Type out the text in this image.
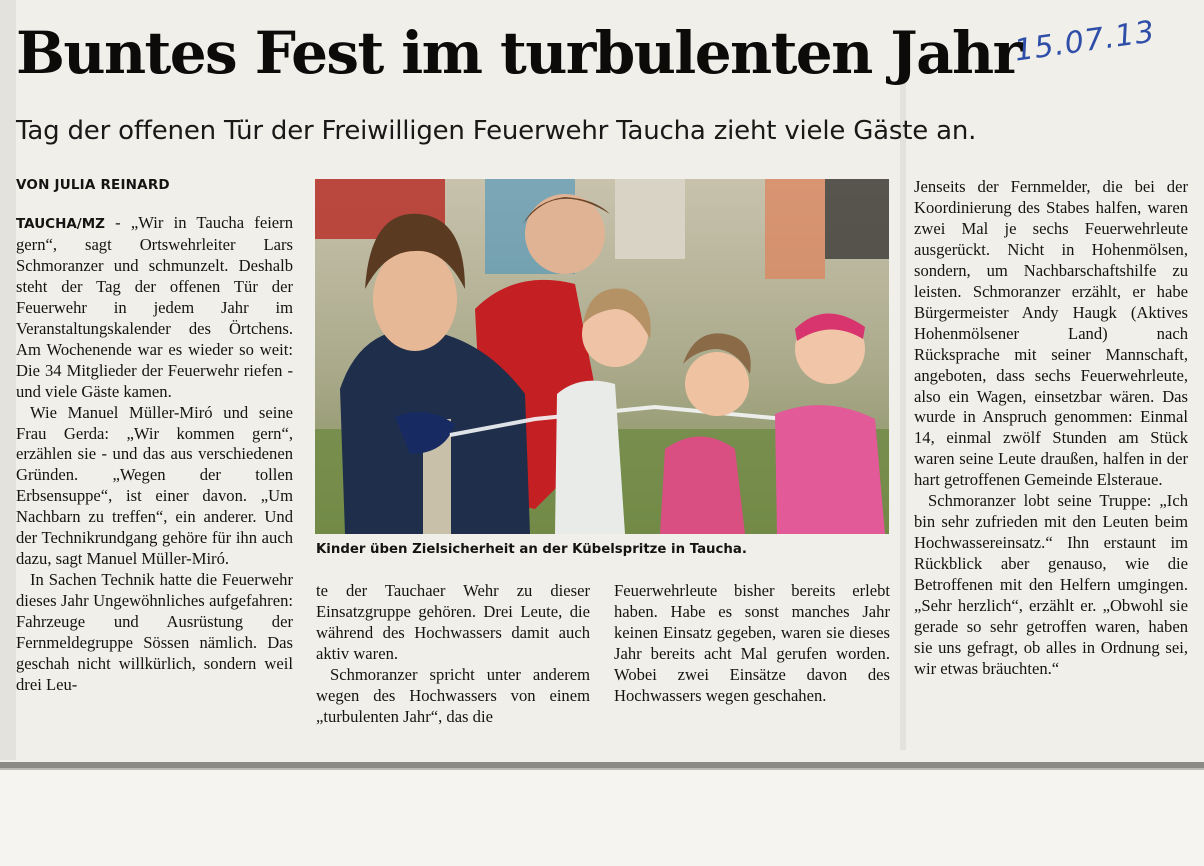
Buntes Fest im turbulenten Jahr
15.07.13
Tag der offenen Tür der Freiwilligen Feuerwehr Taucha zieht viele Gäste an.
VON JULIA REINARD

TAUCHA/MZ - „Wir in Taucha feiern gern“, sagt Ortswehrleiter Lars Schmoranzer und schmunzelt. Deshalb steht der Tag der offenen Tür der Feuerwehr in jedem Jahr im Veranstaltungskalender des Örtchens. Am Wochenende war es wieder so weit: Die 34 Mitglieder der Feuerwehr riefen - und viele Gäste kamen.

Wie Manuel Müller-Miró und seine Frau Gerda: „Wir kommen gern“, erzählen sie - und das aus verschiedenen Gründen. „Wegen der tollen Erbsensuppe“, ist einer davon. „Um Nachbarn zu treffen“, ein anderer. Und der Technikrundgang gehöre für ihn auch dazu, sagt Manuel Müller-Miró.

In Sachen Technik hatte die Feuerwehr dieses Jahr Ungewöhnliches aufgefahren: Fahrzeuge und Ausrüstung der Fernmeldegruppe Sössen nämlich. Das geschah nicht willkürlich, sondern weil drei Leu-

Kinder üben Zielsicherheit an der Kübelspritze in Taucha.

te der Tauchaer Wehr zu dieser Einsatzgruppe gehören. Drei Leute, die während des Hochwassers damit auch aktiv waren.

Schmoranzer spricht unter anderem wegen des Hochwassers von einem „turbulenten Jahr“, das die

Feuerwehrleute bisher bereits erlebt haben. Habe es sonst manches Jahr keinen Einsatz gegeben, waren sie dieses Jahr bereits acht Mal gerufen worden. Wobei zwei Einsätze davon des Hochwassers wegen geschahen.

Jenseits der Fernmelder, die bei der Koordinierung des Stabes halfen, waren zwei Mal je sechs Feuerwehrleute ausgerückt. Nicht in Hohenmölsen, sondern, um Nachbarschaftshilfe zu leisten. Schmoranzer erzählt, er habe Bürgermeister Andy Haugk (Aktives Hohenmölsener Land) nach Rücksprache mit seiner Mannschaft, angeboten, dass sechs Feuerwehrleute, also ein Wagen, einsetzbar wären. Das wurde in Anspruch genommen: Einmal 14, einmal zwölf Stunden am Stück waren seine Leute draußen, halfen in der hart getroffenen Gemeinde Elsteraue.

Schmoranzer lobt seine Truppe: „Ich bin sehr zufrieden mit den Leuten beim Hochwassereinsatz.“ Ihn erstaunt im Rückblick aber genauso, wie die Betroffenen mit den Helfern umgingen. „Sehr herzlich“, erzählt er. „Obwohl sie gerade so sehr getroffen waren, haben sie uns gefragt, ob alles in Ordnung sei, wir etwas bräuchten.“
